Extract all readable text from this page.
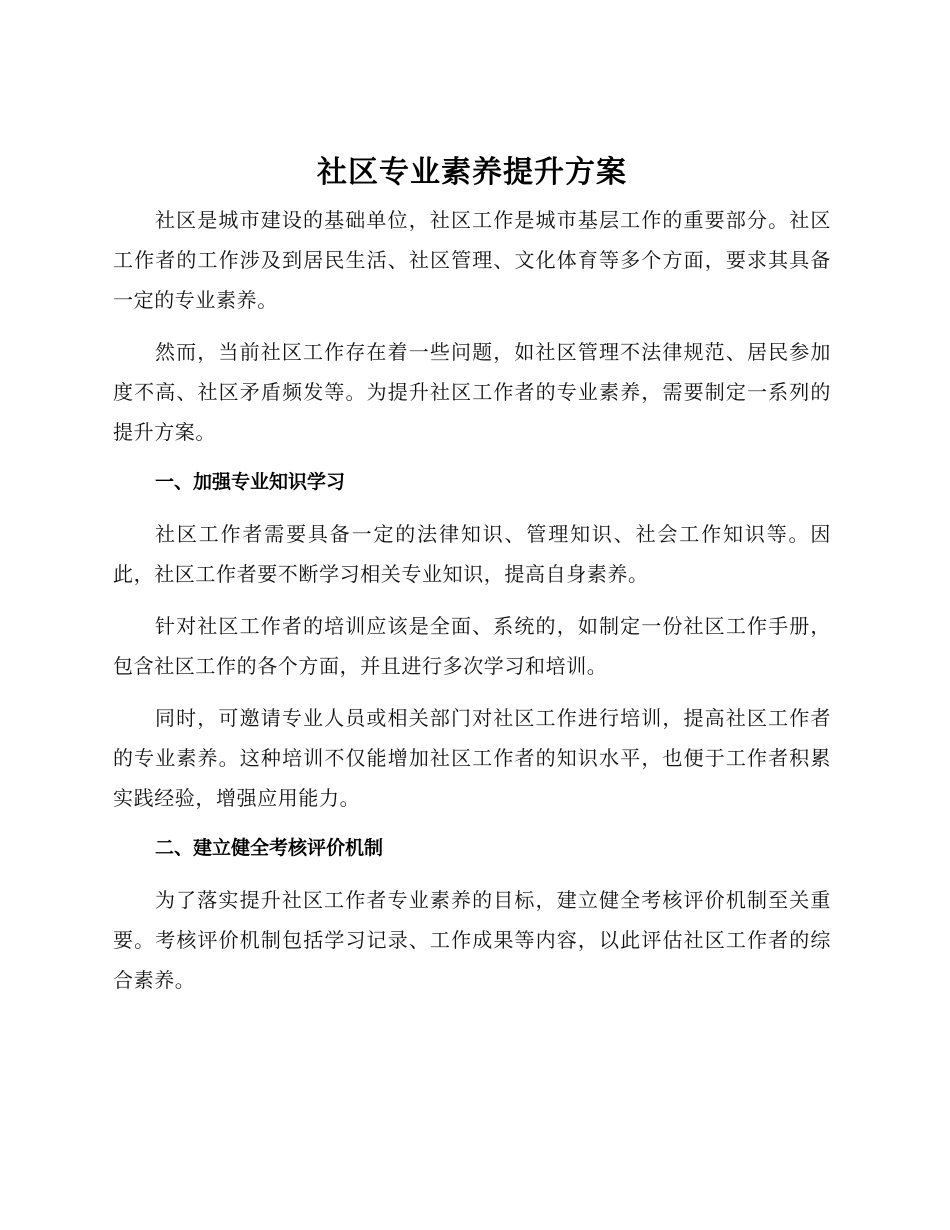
社区专业素养提升方案

社区是城市建设的基础单位，社区工作是城市基层工作的重要部分。社区工作者的工作涉及到居民生活、社区管理、文化体育等多个方面，要求其具备一定的专业素养。

然而，当前社区工作存在着一些问题，如社区管理不法律规范、居民参加度不高、社区矛盾频发等。为提升社区工作者的专业素养，需要制定一系列的提升方案。

一、加强专业知识学习

社区工作者需要具备一定的法律知识、管理知识、社会工作知识等。因此，社区工作者要不断学习相关专业知识，提高自身素养。

针对社区工作者的培训应该是全面、系统的，如制定一份社区工作手册，包含社区工作的各个方面，并且进行多次学习和培训。

同时，可邀请专业人员或相关部门对社区工作进行培训，提高社区工作者的专业素养。这种培训不仅能增加社区工作者的知识水平，也便于工作者积累实践经验，增强应用能力。

二、建立健全考核评价机制

为了落实提升社区工作者专业素养的目标，建立健全考核评价机制至关重要。考核评价机制包括学习记录、工作成果等内容，以此评估社区工作者的综合素养。
